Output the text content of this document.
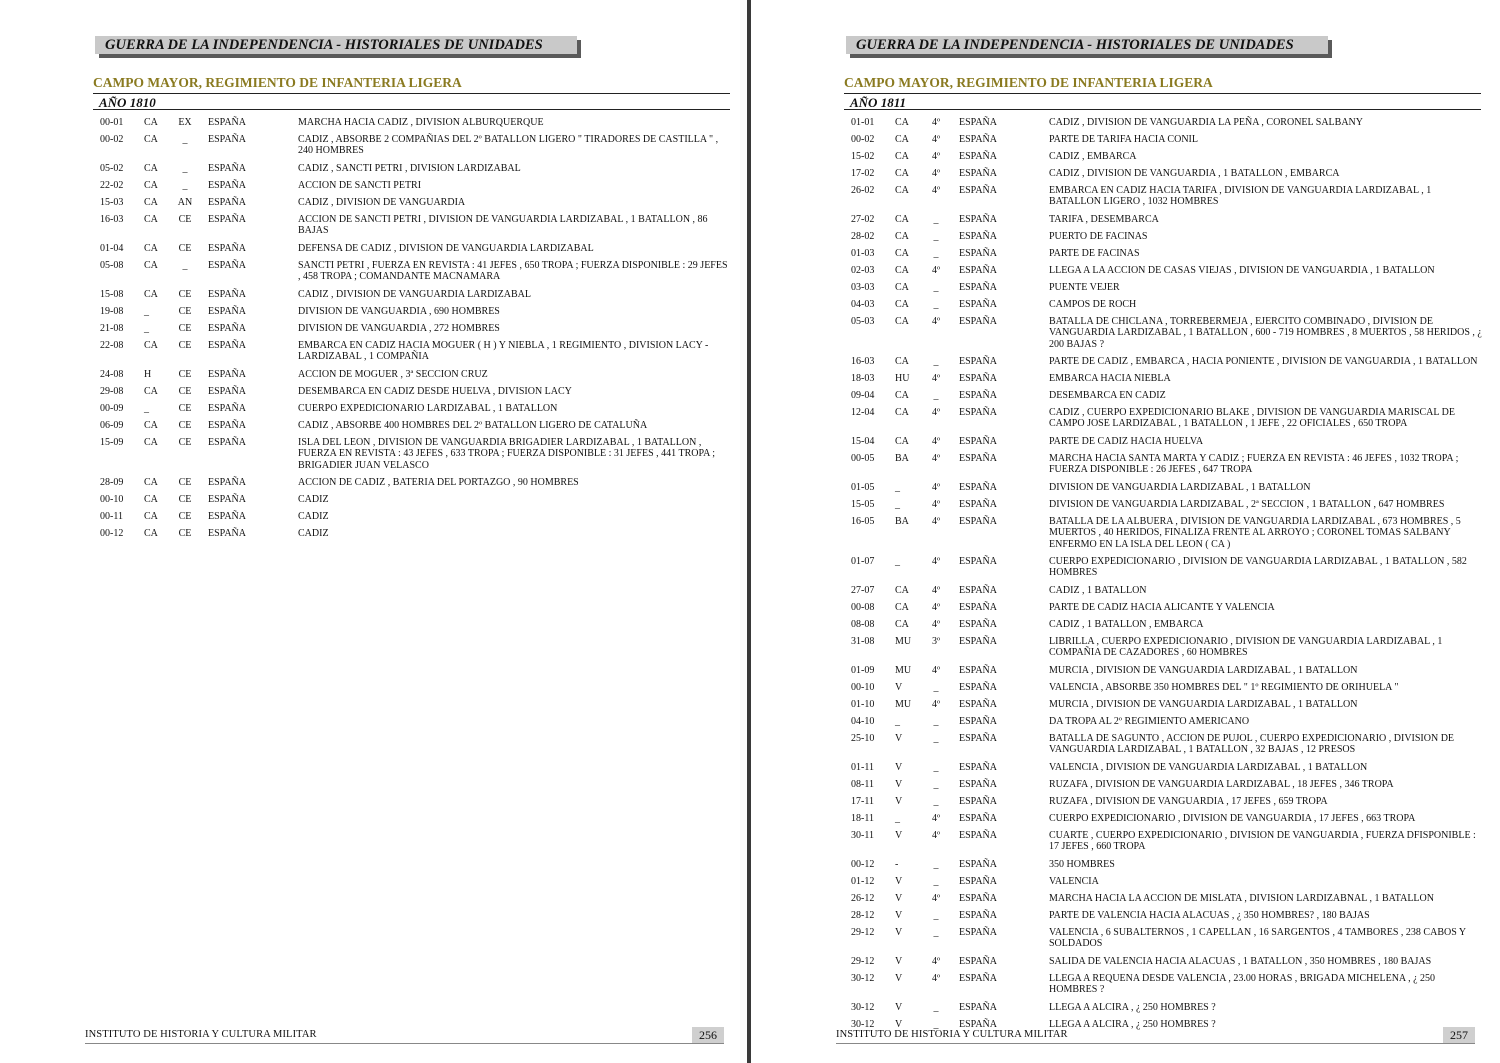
GUERRA DE LA INDEPENDENCIA - HISTORIALES DE UNIDADES
CAMPO MAYOR, REGIMIENTO DE INFANTERIA LIGERA
AÑO 1810
00-01 CA	EX	ESPAÑA	MARCHA HACIA CADIZ , DIVISION ALBURQUERQUE
00-02 CA	_	ESPAÑA	CADIZ , ABSORBE 2 COMPAÑIAS DEL 2º BATALLON LIGERO " TIRADORES DE CASTILLA " , 240 HOMBRES
05-02 CA	_	ESPAÑA	CADIZ , SANCTI PETRI , DIVISION LARDIZABAL
22-02 CA	_	ESPAÑA	ACCION DE SANCTI PETRI
15-03 CA	AN	ESPAÑA	CADIZ , DIVISION DE VANGUARDIA
16-03 CA	CE	ESPAÑA	ACCION DE SANCTI PETRI , DIVISION DE VANGUARDIA LARDIZABAL , 1 BATALLON , 86 BAJAS
01-04 CA	CE	ESPAÑA	DEFENSA DE CADIZ , DIVISION DE VANGUARDIA LARDIZABAL
05-08 CA	_	ESPAÑA	SANCTI PETRI , FUERZA EN REVISTA : 41 JEFES , 650 TROPA ; FUERZA DISPONIBLE : 29 JEFES , 458 TROPA ; COMANDANTE MACNAMARA
15-08 CA	CE	ESPAÑA	CADIZ , DIVISION DE VANGUARDIA LARDIZABAL
19-08 _	CE	ESPAÑA	DIVISION DE VANGUARDIA , 690 HOMBRES
21-08 _	CE	ESPAÑA	DIVISION DE VANGUARDIA , 272 HOMBRES
22-08 CA	CE	ESPAÑA	EMBARCA EN CADIZ HACIA MOGUER ( H ) Y NIEBLA , 1 REGIMIENTO , DIVISION LACY - LARDIZABAL , 1 COMPAÑIA
24-08 H	CE	ESPAÑA	ACCION DE MOGUER , 3ª SECCION CRUZ
29-08 CA	CE	ESPAÑA	DESEMBARCA EN CADIZ DESDE HUELVA , DIVISION LACY
00-09 _	CE	ESPAÑA	CUERPO EXPEDICIONARIO LARDIZABAL , 1 BATALLON
06-09 CA	CE	ESPAÑA	CADIZ , ABSORBE 400 HOMBRES DEL 2º BATALLON LIGERO DE CATALUÑA
15-09 CA	CE	ESPAÑA	ISLA DEL LEON , DIVISION DE VANGUARDIA BRIGADIER LARDIZABAL , 1 BATALLON , FUERZA EN REVISTA : 43 JEFES , 633 TROPA ; FUERZA DISPONIBLE : 31 JEFES , 441 TROPA ; BRIGADIER JUAN VELASCO
28-09 CA	CE	ESPAÑA	ACCION DE CADIZ , BATERIA DEL PORTAZGO , 90 HOMBRES
00-10 CA	CE	ESPAÑA	CADIZ
00-11 CA	CE	ESPAÑA	CADIZ
00-12 CA	CE	ESPAÑA	CADIZ
INSTITUTO DE HISTORIA Y CULTURA MILITAR	256
GUERRA DE LA INDEPENDENCIA - HISTORIALES DE UNIDADES
CAMPO MAYOR, REGIMIENTO DE INFANTERIA LIGERA
AÑO 1811
01-01 CA	4º	ESPAÑA	CADIZ , DIVISION DE VANGUARDIA LA PEÑA , CORONEL SALBANY
00-02 CA	4º	ESPAÑA	PARTE DE TARIFA HACIA CONIL
15-02 CA	4º	ESPAÑA	CADIZ , EMBARCA
17-02 CA	4º	ESPAÑA	CADIZ , DIVISION DE VANGUARDIA , 1 BATALLON , EMBARCA
26-02 CA	4º	ESPAÑA	EMBARCA EN CADIZ HACIA TARIFA , DIVISION DE VANGUARDIA LARDIZABAL , 1 BATALLON LIGERO , 1032 HOMBRES
27-02 CA	_	ESPAÑA	TARIFA , DESEMBARCA
28-02 CA	_	ESPAÑA	PUERTO DE FACINAS
01-03 CA	_	ESPAÑA	PARTE DE FACINAS
02-03 CA	4º	ESPAÑA	LLEGA A LA ACCION DE CASAS VIEJAS , DIVISION DE VANGUARDIA , 1 BATALLON
03-03 CA	_	ESPAÑA	PUENTE VEJER
04-03 CA	_	ESPAÑA	CAMPOS DE ROCH
05-03 CA	4º	ESPAÑA	BATALLA DE CHICLANA , TORREBERMEJA , EJERCITO COMBINADO , DIVISION DE VANGUARDIA LARDIZABAL , 1 BATALLON , 600 - 719 HOMBRES , 8 MUERTOS , 58 HERIDOS , ¿ 200 BAJAS ?
16-03 CA	_	ESPAÑA	PARTE DE CADIZ , EMBARCA , HACIA PONIENTE , DIVISION DE VANGUARDIA , 1 BATALLON
18-03 HU	4º	ESPAÑA	EMBARCA HACIA NIEBLA
09-04 CA	_	ESPAÑA	DESEMBARCA EN CADIZ
12-04 CA	4º	ESPAÑA	CADIZ , CUERPO EXPEDICIONARIO BLAKE , DIVISION DE VANGUARDIA MARISCAL DE CAMPO JOSE LARDIZABAL , 1 BATALLON , 1 JEFE , 22 OFICIALES , 650 TROPA
15-04 CA	4º	ESPAÑA	PARTE DE CADIZ HACIA HUELVA
00-05 BA	4º	ESPAÑA	MARCHA HACIA SANTA MARTA Y CADIZ ; FUERZA EN REVISTA : 46 JEFES , 1032 TROPA ; FUERZA DISPONIBLE : 26 JEFES , 647 TROPA
01-05 _	4º	ESPAÑA	DIVISION DE VANGUARDIA LARDIZABAL , 1 BATALLON
15-05 _	4º	ESPAÑA	DIVISION DE VANGUARDIA LARDIZABAL , 2ª SECCION , 1 BATALLON , 647 HOMBRES
16-05 BA	4º	ESPAÑA	BATALLA DE LA ALBUERA , DIVISION DE VANGUARDIA LARDIZABAL , 673 HOMBRES , 5 MUERTOS , 40 HERIDOS, FINALIZA FRENTE AL ARROYO ; CORONEL TOMAS SALBANY ENFERMO EN LA ISLA DEL LEON ( CA )
01-07 _	4º	ESPAÑA	CUERPO EXPEDICIONARIO , DIVISION DE VANGUARDIA LARDIZABAL , 1 BATALLON , 582 HOMBRES
27-07 CA	4º	ESPAÑA	CADIZ , 1 BATALLON
00-08 CA	4º	ESPAÑA	PARTE DE CADIZ HACIA ALICANTE Y VALENCIA
08-08 CA	4º	ESPAÑA	CADIZ , 1 BATALLON , EMBARCA
31-08 MU	3º	ESPAÑA	LIBRILLA , CUERPO EXPEDICIONARIO , DIVISION DE VANGUARDIA LARDIZABAL , 1 COMPAÑIA DE CAZADORES , 60 HOMBRES
01-09 MU	4º	ESPAÑA	MURCIA , DIVISION DE VANGUARDIA LARDIZABAL , 1 BATALLON
00-10 V	_	ESPAÑA	VALENCIA , ABSORBE 350 HOMBRES DEL " 1º REGIMIENTO DE ORIHUELA "
01-10 MU	4º	ESPAÑA	MURCIA , DIVISION DE VANGUARDIA LARDIZABAL , 1 BATALLON
04-10 _	_	ESPAÑA	DA TROPA AL 2º REGIMIENTO AMERICANO
25-10 V	_	ESPAÑA	BATALLA DE SAGUNTO , ACCION DE PUJOL , CUERPO EXPEDICIONARIO , DIVISION DE VANGUARDIA LARDIZABAL , 1 BATALLON , 32 BAJAS , 12 PRESOS
01-11 V	_	ESPAÑA	VALENCIA , DIVISION DE VANGUARDIA LARDIZABAL , 1 BATALLON
08-11 V	_	ESPAÑA	RUZAFA , DIVISION DE VANGUARDIA LARDIZABAL , 18 JEFES , 346 TROPA
17-11 V	_	ESPAÑA	RUZAFA , DIVISION DE VANGUARDIA , 17 JEFES , 659 TROPA
18-11 _	4º	ESPAÑA	CUERPO EXPEDICIONARIO , DIVISION DE VANGUARDIA , 17 JEFES , 663 TROPA
30-11 V	4º	ESPAÑA	CUARTE , CUERPO EXPEDICIONARIO , DIVISION DE VANGUARDIA , FUERZA DFISPONIBLE : 17 JEFES , 660 TROPA
00-12 -	_	ESPAÑA	350 HOMBRES
01-12 V	_	ESPAÑA	VALENCIA
26-12 V	4º	ESPAÑA	MARCHA HACIA LA ACCION DE MISLATA , DIVISION LARDIZABNAL , 1 BATALLON
28-12 V	_	ESPAÑA	PARTE DE VALENCIA HACIA ALACUAS , ¿ 350 HOMBRES? , 180 BAJAS
29-12 V	_	ESPAÑA	VALENCIA , 6 SUBALTERNOS , 1 CAPELLAN , 16 SARGENTOS , 4 TAMBORES , 238 CABOS Y SOLDADOS
29-12 V	4º	ESPAÑA	SALIDA DE VALENCIA HACIA ALACUAS , 1 BATALLON , 350 HOMBRES , 180 BAJAS
30-12 V	4º	ESPAÑA	LLEGA A REQUENA DESDE VALENCIA , 23.00 HORAS , BRIGADA MICHELENA , ¿ 250 HOMBRES ?
30-12 V	_	ESPAÑA	LLEGA A ALCIRA , ¿ 250 HOMBRES ?
30-12 V	_	ESPAÑA	LLEGA A ALCIRA , ¿ 250 HOMBRES ?
INSTITUTO DE HISTORIA Y CULTURA MILITAR	257
